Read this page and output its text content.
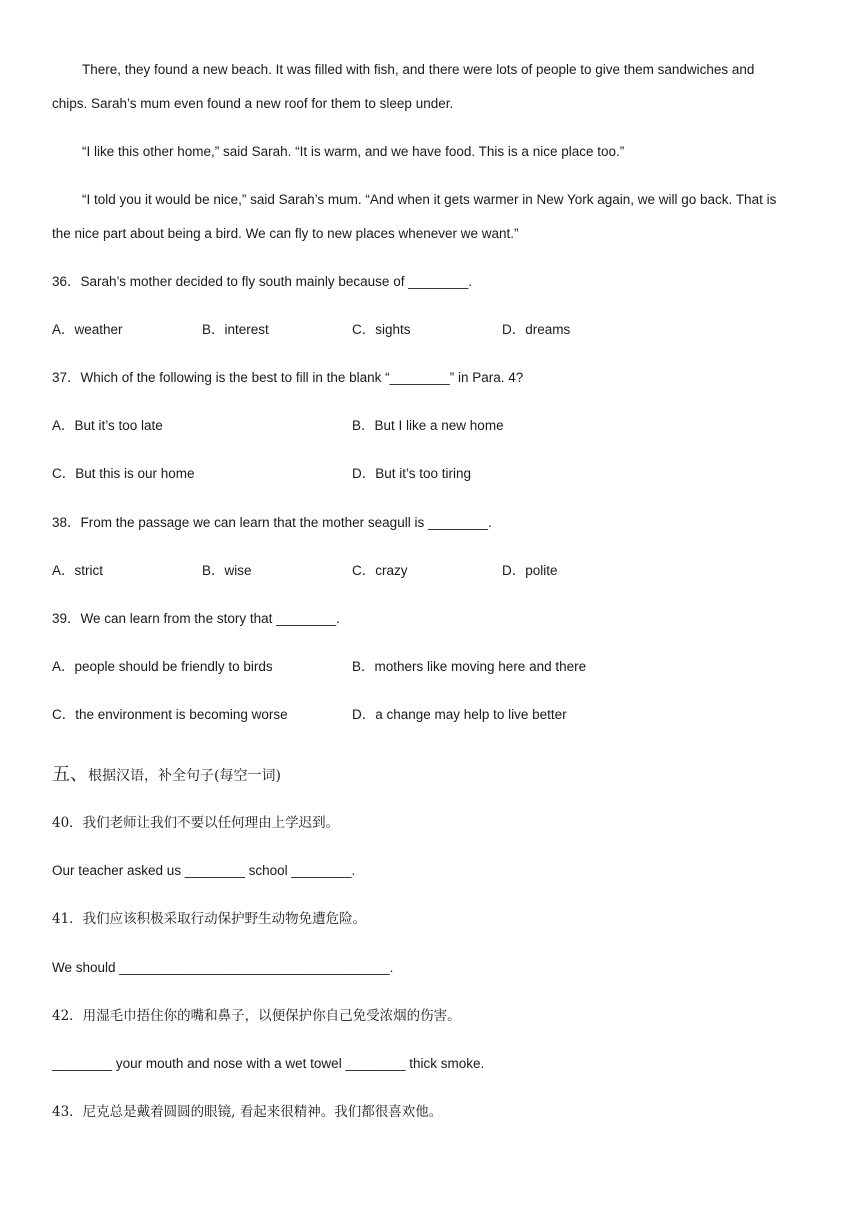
There, they found a new beach. It was filled with fish, and there were lots of people to give them sandwiches and
chips. Sarah’s mum even found a new roof for them to sleep under.
“I like this other home,” said Sarah. “It is warm, and we have food. This is a nice place too.”
“I told you it would be nice,” said Sarah’s mum. “And when it gets warmer in New York again, we will go back. That is
the nice part about being a bird. We can fly to new places whenever we want.”
36．Sarah’s mother decided to fly south mainly because of ________.
A．weather	B．interest	C．sights	D．dreams
37．Which of the following is the best to fill in the blank “________” in Para. 4?
A．But it’s too late	B．But I like a new home
C．But this is our home	D．But it’s too tiring
38．From the passage we can learn that the mother seagull is ________.
A．strict	B．wise	C．crazy	D．polite
39．We can learn from the story that ________.
A．people should be friendly to birds	B．mothers like moving here and there
C．the environment is becoming worse	D．a change may help to live better
五、根据汉语，补全句子(每空一词)
40．我们老师让我们不要以任何理由上学迟到。
Our teacher asked us ________ school ________.
41．我们应该积极采取行动保护野生动物免遭危险。
We should ____________________________________.
42．用湿毛巾捂住你的嘴和鼻子，以便保护你自己免受浓烟的伤害。
________ your mouth and nose with a wet towel ________ thick smoke.
43．尼克总是戴着圆圆的眼镜, 看起来很精神。我们都很喜欢他。
